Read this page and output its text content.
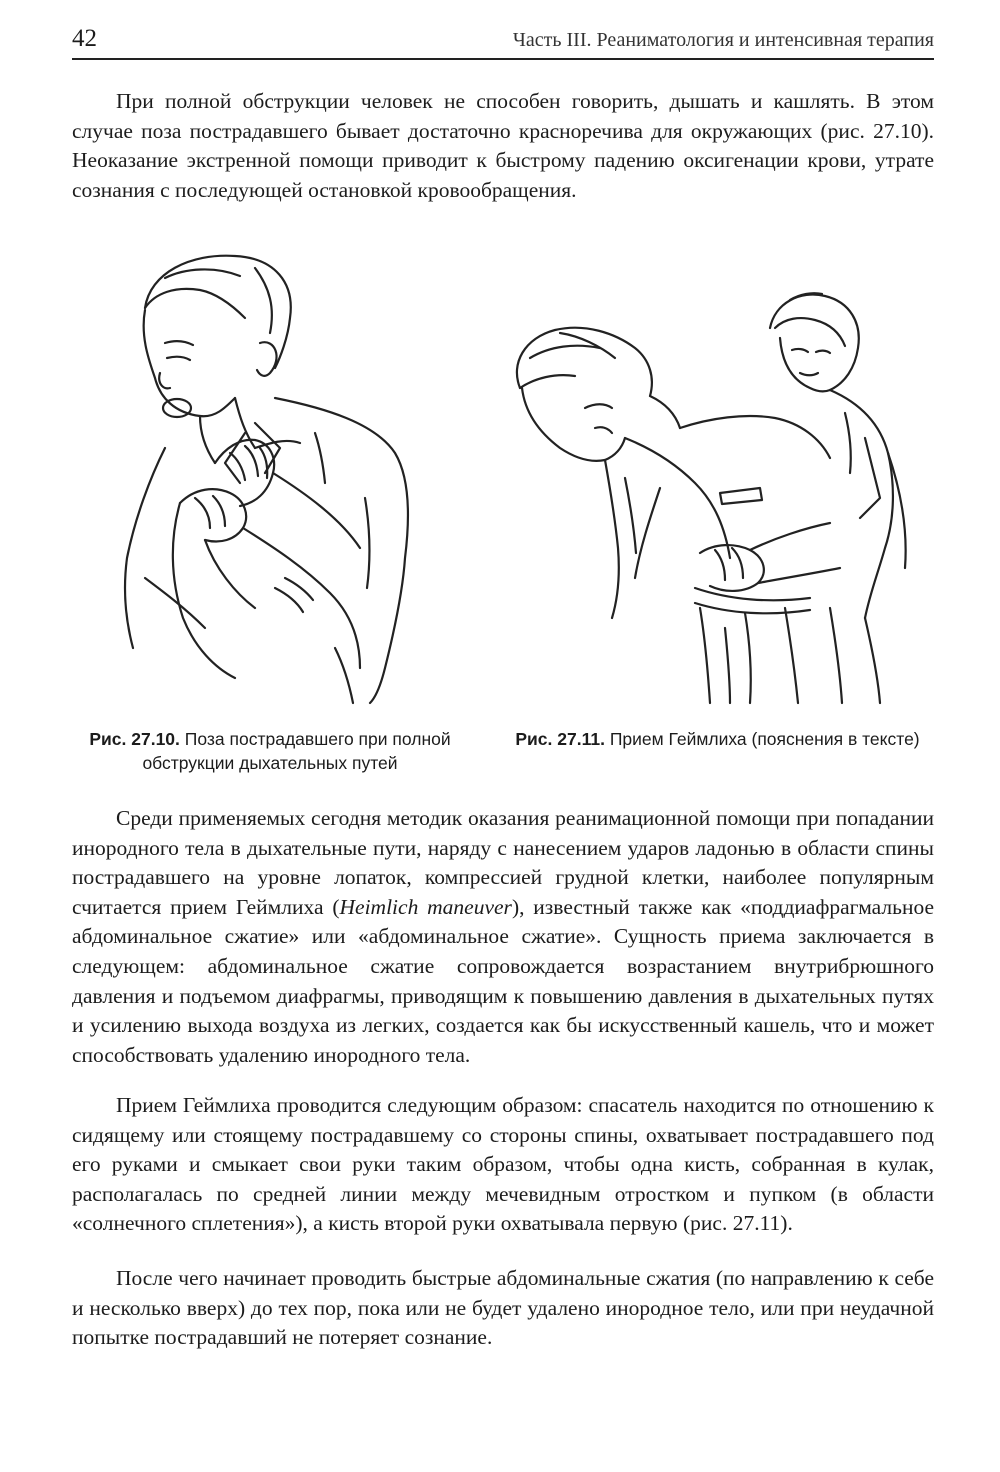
42	Часть III. Реаниматология и интенсивная терапия

При полной обструкции человек не способен говорить, дышать и кашлять. В этом случае поза пострадавшего бывает достаточно красноречива для окружающих (рис. 27.10). Неоказание экстренной помощи приводит к быстрому падению оксигенации крови, утрате сознания с последующей остановкой кровообращения.

Рис. 27.10. Поза пострадавшего при полной обструкции дыхательных путей
Рис. 27.11. Прием Геймлиха (пояснения в тексте)

Среди применяемых сегодня методик оказания реанимационной помощи при попадании инородного тела в дыхательные пути, наряду с нанесением ударов ладонью в области спины пострадавшего на уровне лопаток, компрессией грудной клетки, наиболее популярным считается прием Геймлиха (Heimlich maneuver), известный также как «поддиафрагмальное абдоминальное сжатие» или «абдоминальное сжатие». Сущность приема заключается в следующем: абдоминальное сжатие сопровождается возрастанием внутрибрюшного давления и подъемом диафрагмы, приводящим к повышению давления в дыхательных путях и усилению выхода воздуха из легких, создается как бы искусственный кашель, что и может способствовать удалению инородного тела.

Прием Геймлиха проводится следующим образом: спасатель находится по отношению к сидящему или стоящему пострадавшему со стороны спины, охватывает пострадавшего под его руками и смыкает свои руки таким образом, чтобы одна кисть, собранная в кулак, располагалась по средней линии между мечевидным отростком и пупком (в области «солнечного сплетения»), а кисть второй руки охватывала первую (рис. 27.11).

После чего начинает проводить быстрые абдоминальные сжатия (по направлению к себе и несколько вверх) до тех пор, пока или не будет удалено инородное тело, или при неудачной попытке пострадавший не потеряет сознание.
